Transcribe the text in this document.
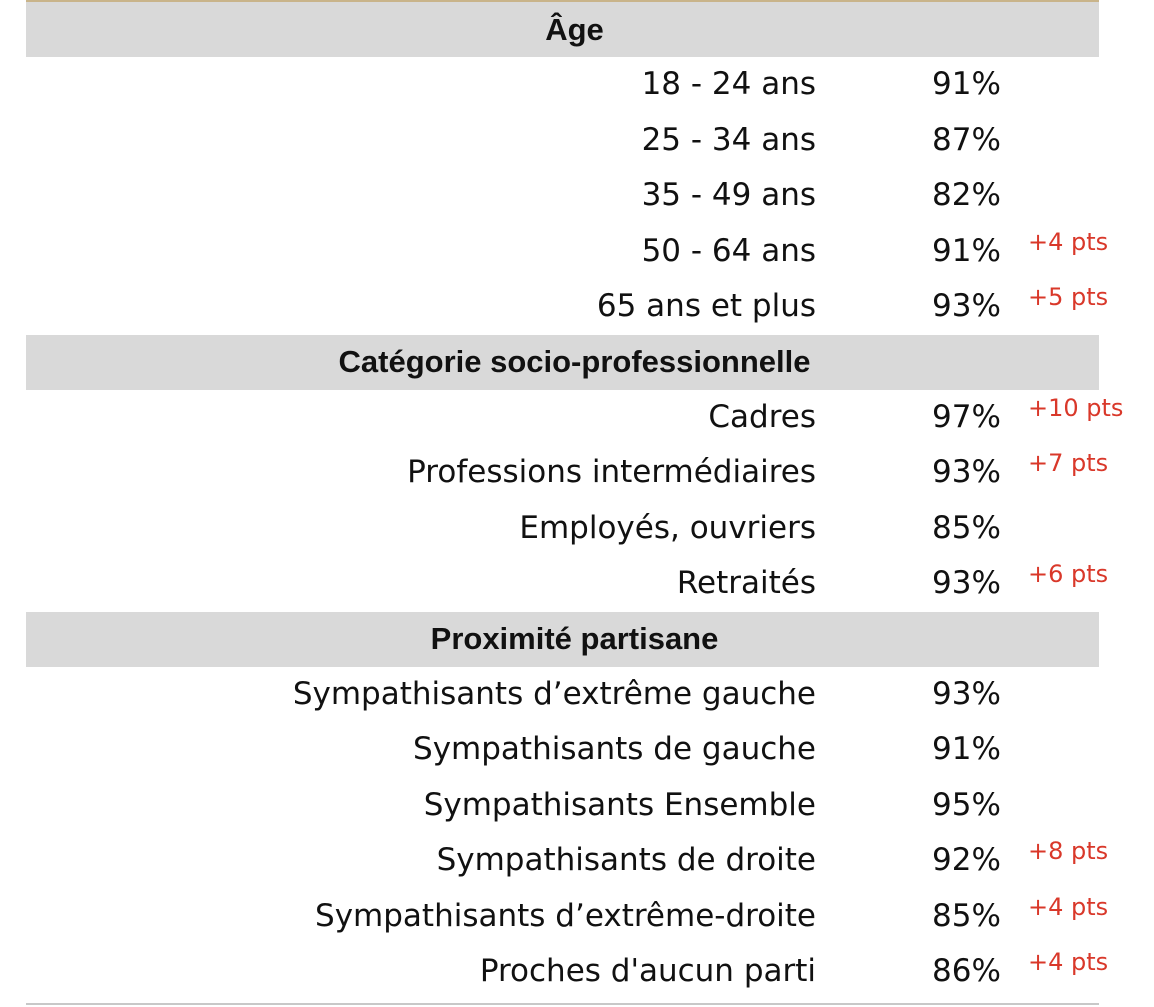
Âge
18 - 24 ans	91%
25 - 34 ans	87%
35 - 49 ans	82%
50 - 64 ans	91% +4 pts
65 ans et plus	93% +5 pts
Catégorie socio-professionnelle
Cadres	97% +10 pts
Professions intermédiaires	93% +7 pts
Employés, ouvriers	85%
Retraités	93% +6 pts
Proximité partisane
Sympathisants d’extrême gauche	93%
Sympathisants de gauche	91%
Sympathisants Ensemble	95%
Sympathisants de droite	92% +8 pts
Sympathisants d’extrême-droite	85% +4 pts
Proches d'aucun parti	86% +4 pts
